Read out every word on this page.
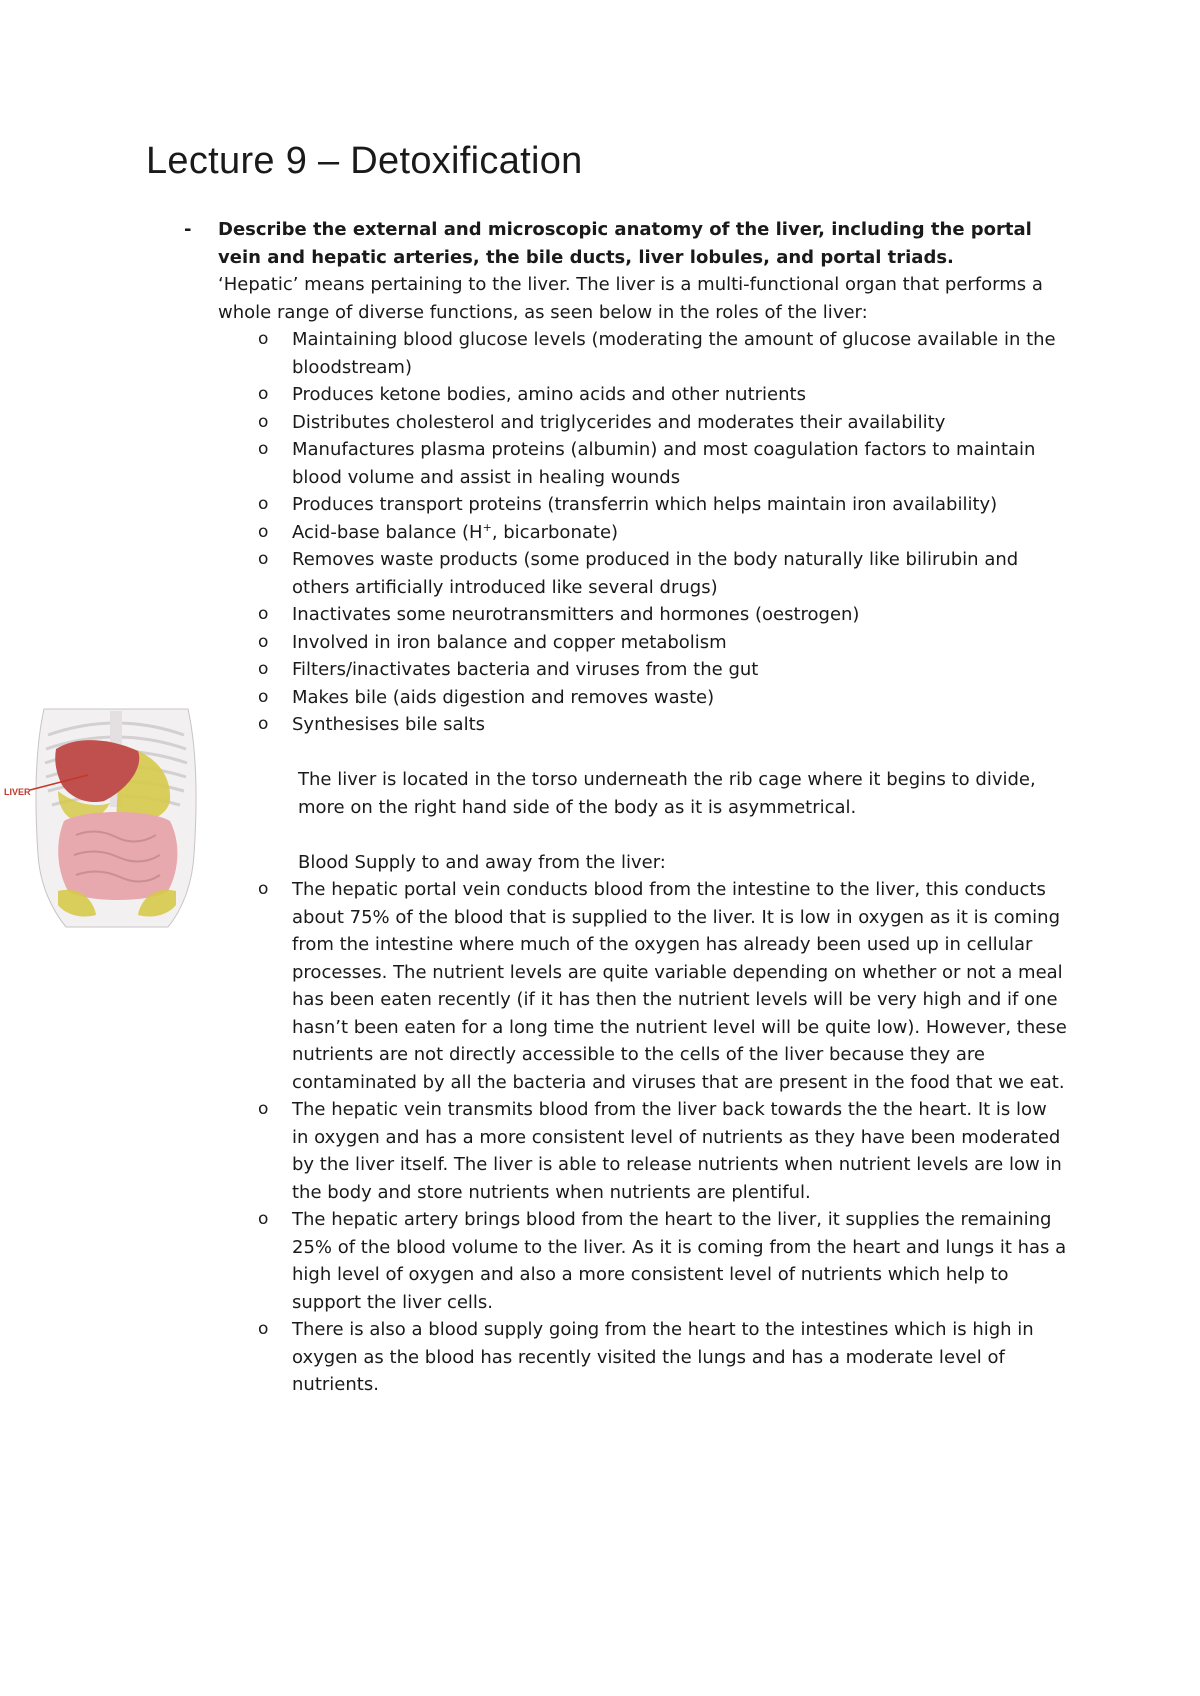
Lecture 9 – Detoxification
- Describe the external and microscopic anatomy of the liver, including the portal vein and hepatic arteries, the bile ducts, liver lobules, and portal triads.

‘Hepatic’ means pertaining to the liver. The liver is a multi-functional organ that performs a whole range of diverse functions, as seen below in the roles of the liver:

o Maintaining blood glucose levels (moderating the amount of glucose available in the bloodstream)
o Produces ketone bodies, amino acids and other nutrients
o Distributes cholesterol and triglycerides and moderates their availability
o Manufactures plasma proteins (albumin) and most coagulation factors to maintain blood volume and assist in healing wounds
o Produces transport proteins (transferrin which helps maintain iron availability)
o Acid-base balance (H+, bicarbonate)
o Removes waste products (some produced in the body naturally like bilirubin and others artificially introduced like several drugs)
o Inactivates some neurotransmitters and hormones (oestrogen)
o Involved in iron balance and copper metabolism
o Filters/inactivates bacteria and viruses from the gut
o Makes bile (aids digestion and removes waste)
o Synthesises bile salts

The liver is located in the torso underneath the rib cage where it begins to divide, more on the right hand side of the body as it is asymmetrical.

Blood Supply to and away from the liver:

o The hepatic portal vein conducts blood from the intestine to the liver, this conducts about 75% of the blood that is supplied to the liver. It is low in oxygen as it is coming from the intestine where much of the oxygen has already been used up in cellular processes. The nutrient levels are quite variable depending on whether or not a meal has been eaten recently (if it has then the nutrient levels will be very high and if one hasn’t been eaten for a long time the nutrient level will be quite low). However, these nutrients are not directly accessible to the cells of the liver because they are contaminated by all the bacteria and viruses that are present in the food that we eat.
o The hepatic vein transmits blood from the liver back towards the the heart. It is low in oxygen and has a more consistent level of nutrients as they have been moderated by the liver itself. The liver is able to release nutrients when nutrient levels are low in the body and store nutrients when nutrients are plentiful.
o The hepatic artery brings blood from the heart to the liver, it supplies the remaining 25% of the blood volume to the liver. As it is coming from the heart and lungs it has a high level of oxygen and also a more consistent level of nutrients which help to support the liver cells.
o There is also a blood supply going from the heart to the intestines which is high in oxygen as the blood has recently visited the lungs and has a moderate level of nutrients.
LIVER
